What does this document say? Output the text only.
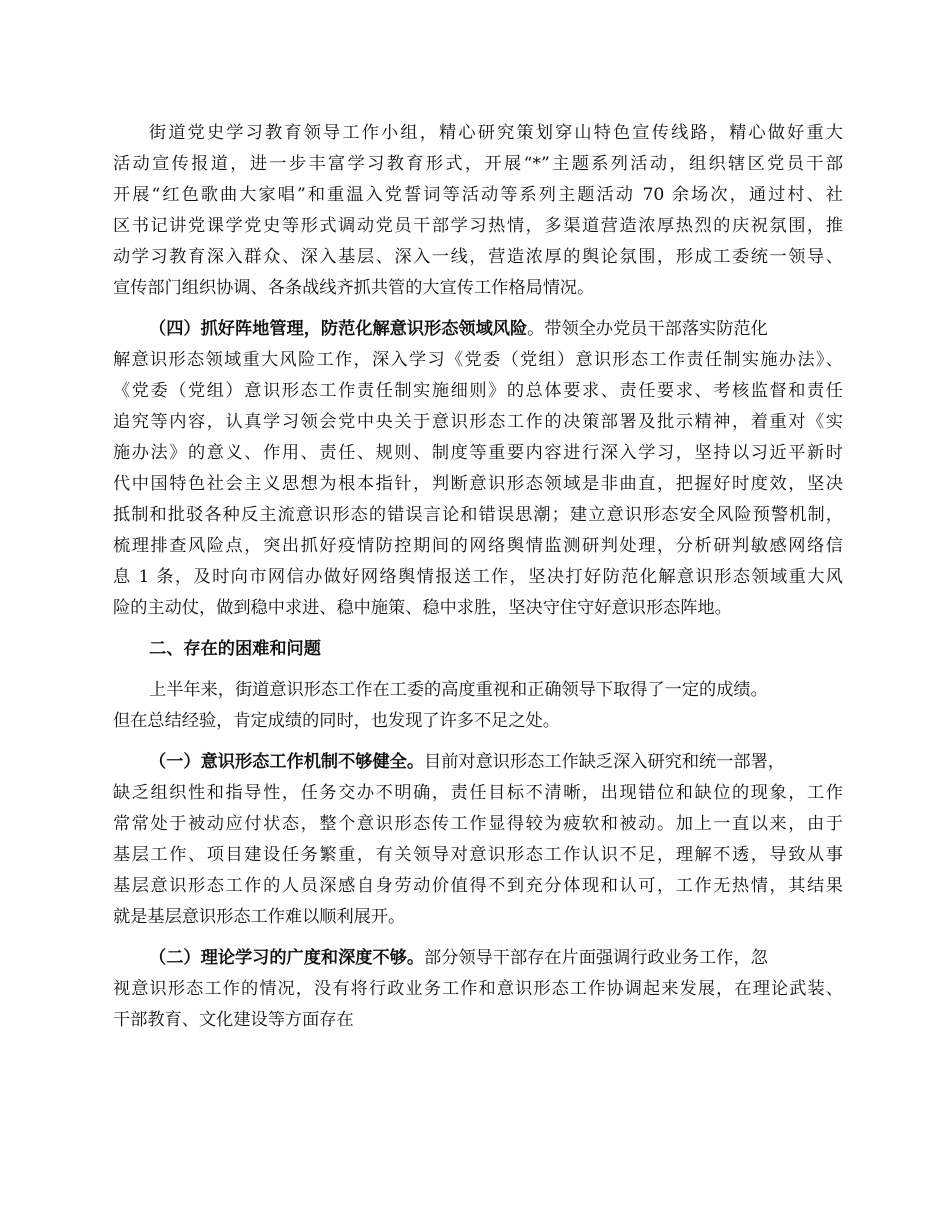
街道党史学习教育领导工作小组，精心研究策划穿山特色宣传线路，精心做好重大
活动宣传报道，进一步丰富学习教育形式，开展“*”主题系列活动，组织辖区党员干部
开展“红色歌曲大家唱”和重温入党誓词等活动等系列主题活动 70 余场次，通过村、社
区书记讲党课学党史等形式调动党员干部学习热情，多渠道营造浓厚热烈的庆祝氛围，推
动学习教育深入群众、深入基层、深入一线，营造浓厚的舆论氛围，形成工委统一领导、
宣传部门组织协调、各条战线齐抓共管的大宣传工作格局情况。
（四）抓好阵地管理，防范化解意识形态领域风险。带领全办党员干部落实防范化
解意识形态领域重大风险工作，深入学习《党委（党组）意识形态工作责任制实施办法》、
《党委（党组）意识形态工作责任制实施细则》的总体要求、责任要求、考核监督和责任
追究等内容，认真学习领会党中央关于意识形态工作的决策部署及批示精神，着重对《实
施办法》的意义、作用、责任、规则、制度等重要内容进行深入学习，坚持以习近平新时
代中国特色社会主义思想为根本指针，判断意识形态领域是非曲直，把握好时度效，坚决
抵制和批驳各种反主流意识形态的错误言论和错误思潮；建立意识形态安全风险预警机制，
梳理排查风险点，突出抓好疫情防控期间的网络舆情监测研判处理，分析研判敏感网络信
息 1 条，及时向市网信办做好网络舆情报送工作，坚决打好防范化解意识形态领域重大风
险的主动仗，做到稳中求进、稳中施策、稳中求胜，坚决守住守好意识形态阵地。
二、存在的困难和问题
上半年来，街道意识形态工作在工委的高度重视和正确领导下取得了一定的成绩。
但在总结经验，肯定成绩的同时，也发现了许多不足之处。
（一）意识形态工作机制不够健全。目前对意识形态工作缺乏深入研究和统一部署，
缺乏组织性和指导性，任务交办不明确，责任目标不清晰，出现错位和缺位的现象，工作
常常处于被动应付状态，整个意识形态传工作显得较为疲软和被动。加上一直以来，由于
基层工作、项目建设任务繁重，有关领导对意识形态工作认识不足，理解不透，导致从事
基层意识形态工作的人员深感自身劳动价值得不到充分体现和认可，工作无热情，其结果
就是基层意识形态工作难以顺利展开。
（二）理论学习的广度和深度不够。部分领导干部存在片面强调行政业务工作，忽
视意识形态工作的情况，没有将行政业务工作和意识形态工作协调起来发展，在理论武装、
干部教育、文化建设等方面存在
